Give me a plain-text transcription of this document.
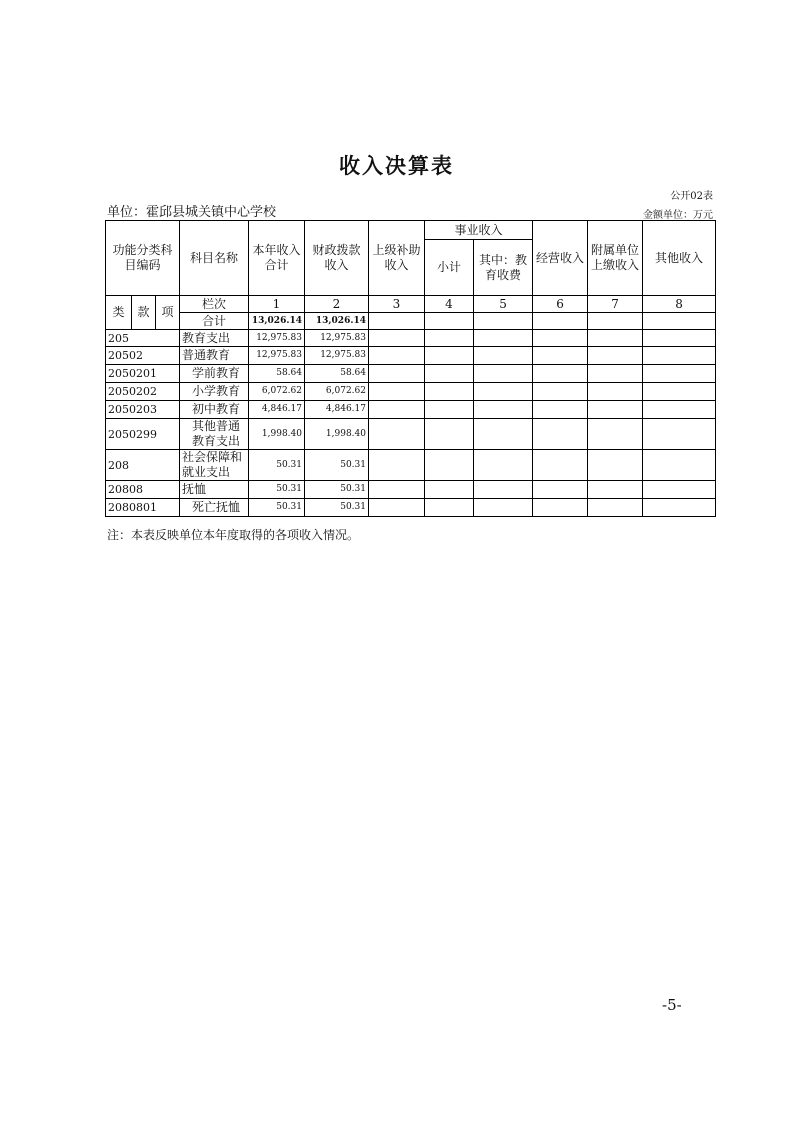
收入决算表
公开02表
单位：霍邱县城关镇中心学校	金额单位：万元
功能分类科目编码			科目名称	本年收入合计	财政拨款收入	上级补助收入	事业收入		经营收入	附属单位上缴收入	其他收入
							小计	其中：教育收费			

类	款	项	栏次	1	2	3	4	5	6	7	8
			合计	13,026.14	13,026.14						
205			教育支出	12,975.83	12,975.83						
20502			普通教育	12,975.83	12,975.83						
2050201			学前教育	58.64	58.64						
2050202			小学教育	6,072.62	6,072.62						
2050203			初中教育	4,846.17	4,846.17						
2050299			其他普通教育支出	1,998.40	1,998.40						
208			社会保障和就业支出	50.31	50.31						
20808			抚恤	50.31	50.31						
2080801			死亡抚恤	50.31	50.31						
注：本表反映单位本年度取得的各项收入情况。
-5-
